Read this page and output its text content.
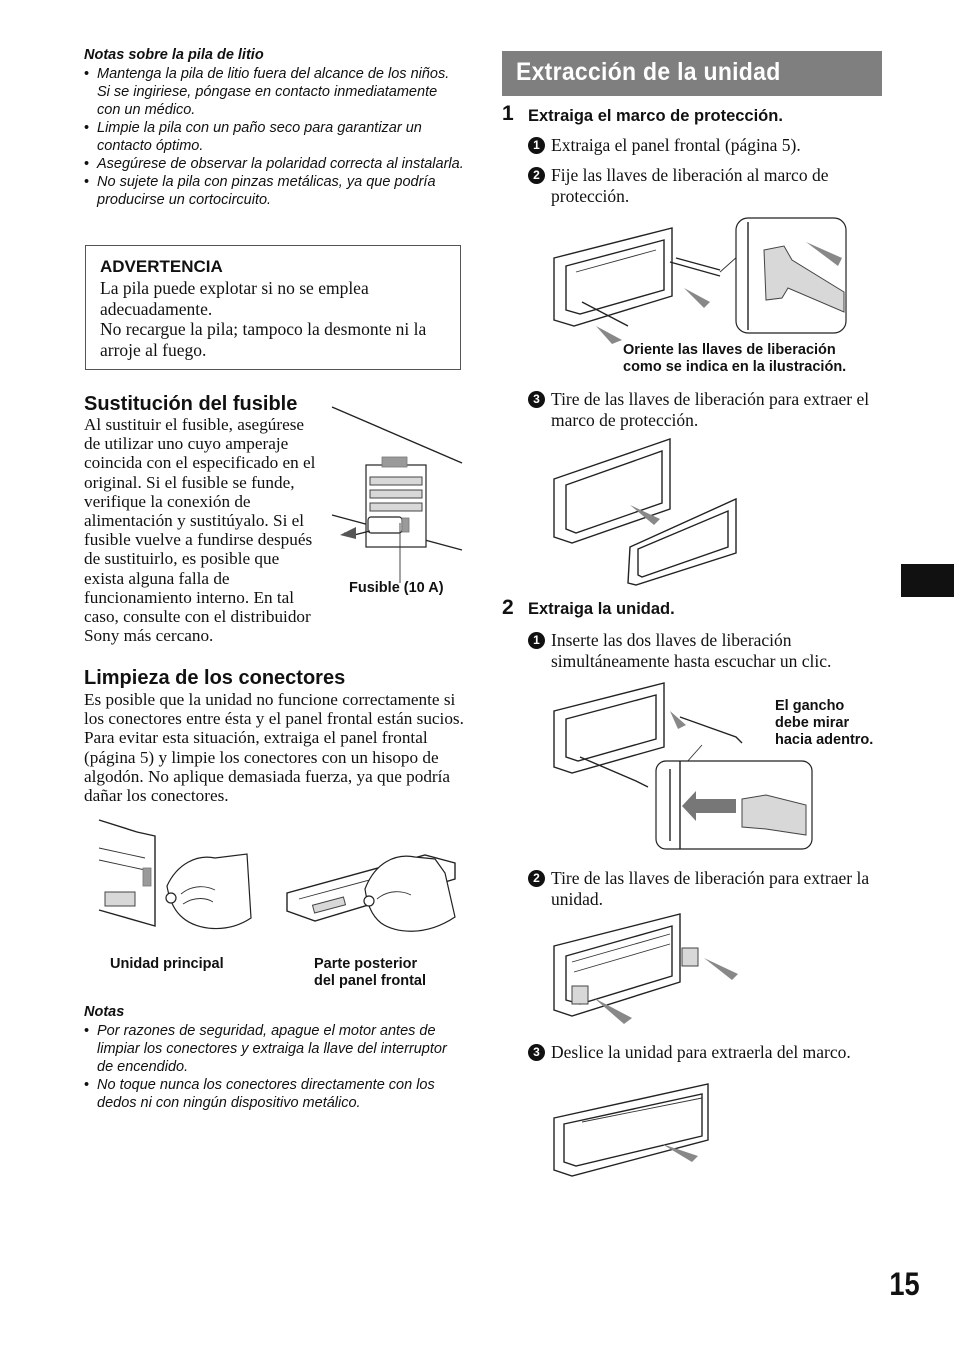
Notas sobre la pila de litio
• Mantenga la pila de litio fuera del alcance de los niños. Si se ingiriese, póngase en contacto inmediatamente con un médico.
• Limpie la pila con un paño seco para garantizar un contacto óptimo.
• Asegúrese de observar la polaridad correcta al instalarla.
• No sujete la pila con pinzas metálicas, ya que podría producirse un cortocircuito.
ADVERTENCIA
La pila puede explotar si no se emplea adecuadamente.
No recargue la pila; tampoco la desmonte ni la arroje al fuego.
Sustitución del fusible
Al sustituir el fusible, asegúrese de utilizar uno cuyo amperaje coincida con el especificado en el original. Si el fusible se funde, verifique la conexión de alimentación y sustitúyalo. Si el fusible vuelve a fundirse después de sustituirlo, es posible que exista alguna falla de funcionamiento interno. En tal caso, consulte con el distribuidor Sony más cercano.
Fusible (10 A)
Limpieza de los conectores
Es posible que la unidad no funcione correctamente si los conectores entre ésta y el panel frontal están sucios. Para evitar esta situación, extraiga el panel frontal (página 5) y limpie los conectores con un hisopo de algodón. No aplique demasiada fuerza, ya que podría dañar los conectores.
Unidad principal	Parte posterior
del panel frontal
Notas
• Por razones de seguridad, apague el motor antes de limpiar los conectores y extraiga la llave del interruptor de encendido.
• No toque nunca los conectores directamente con los dedos ni con ningún dispositivo metálico.
Extracción de la unidad
1 Extraiga el marco de protección.
1 Extraiga el panel frontal (página 5).
2 Fije las llaves de liberación al marco de protección.
Oriente las llaves de liberación
como se indica en la ilustración.
3 Tire de las llaves de liberación para extraer el marco de protección.
2 Extraiga la unidad.
1 Inserte las dos llaves de liberación simultáneamente hasta escuchar un clic.
El gancho
debe mirar
hacia adentro.
2 Tire de las llaves de liberación para extraer la unidad.
3 Deslice la unidad para extraerla del marco.
15
